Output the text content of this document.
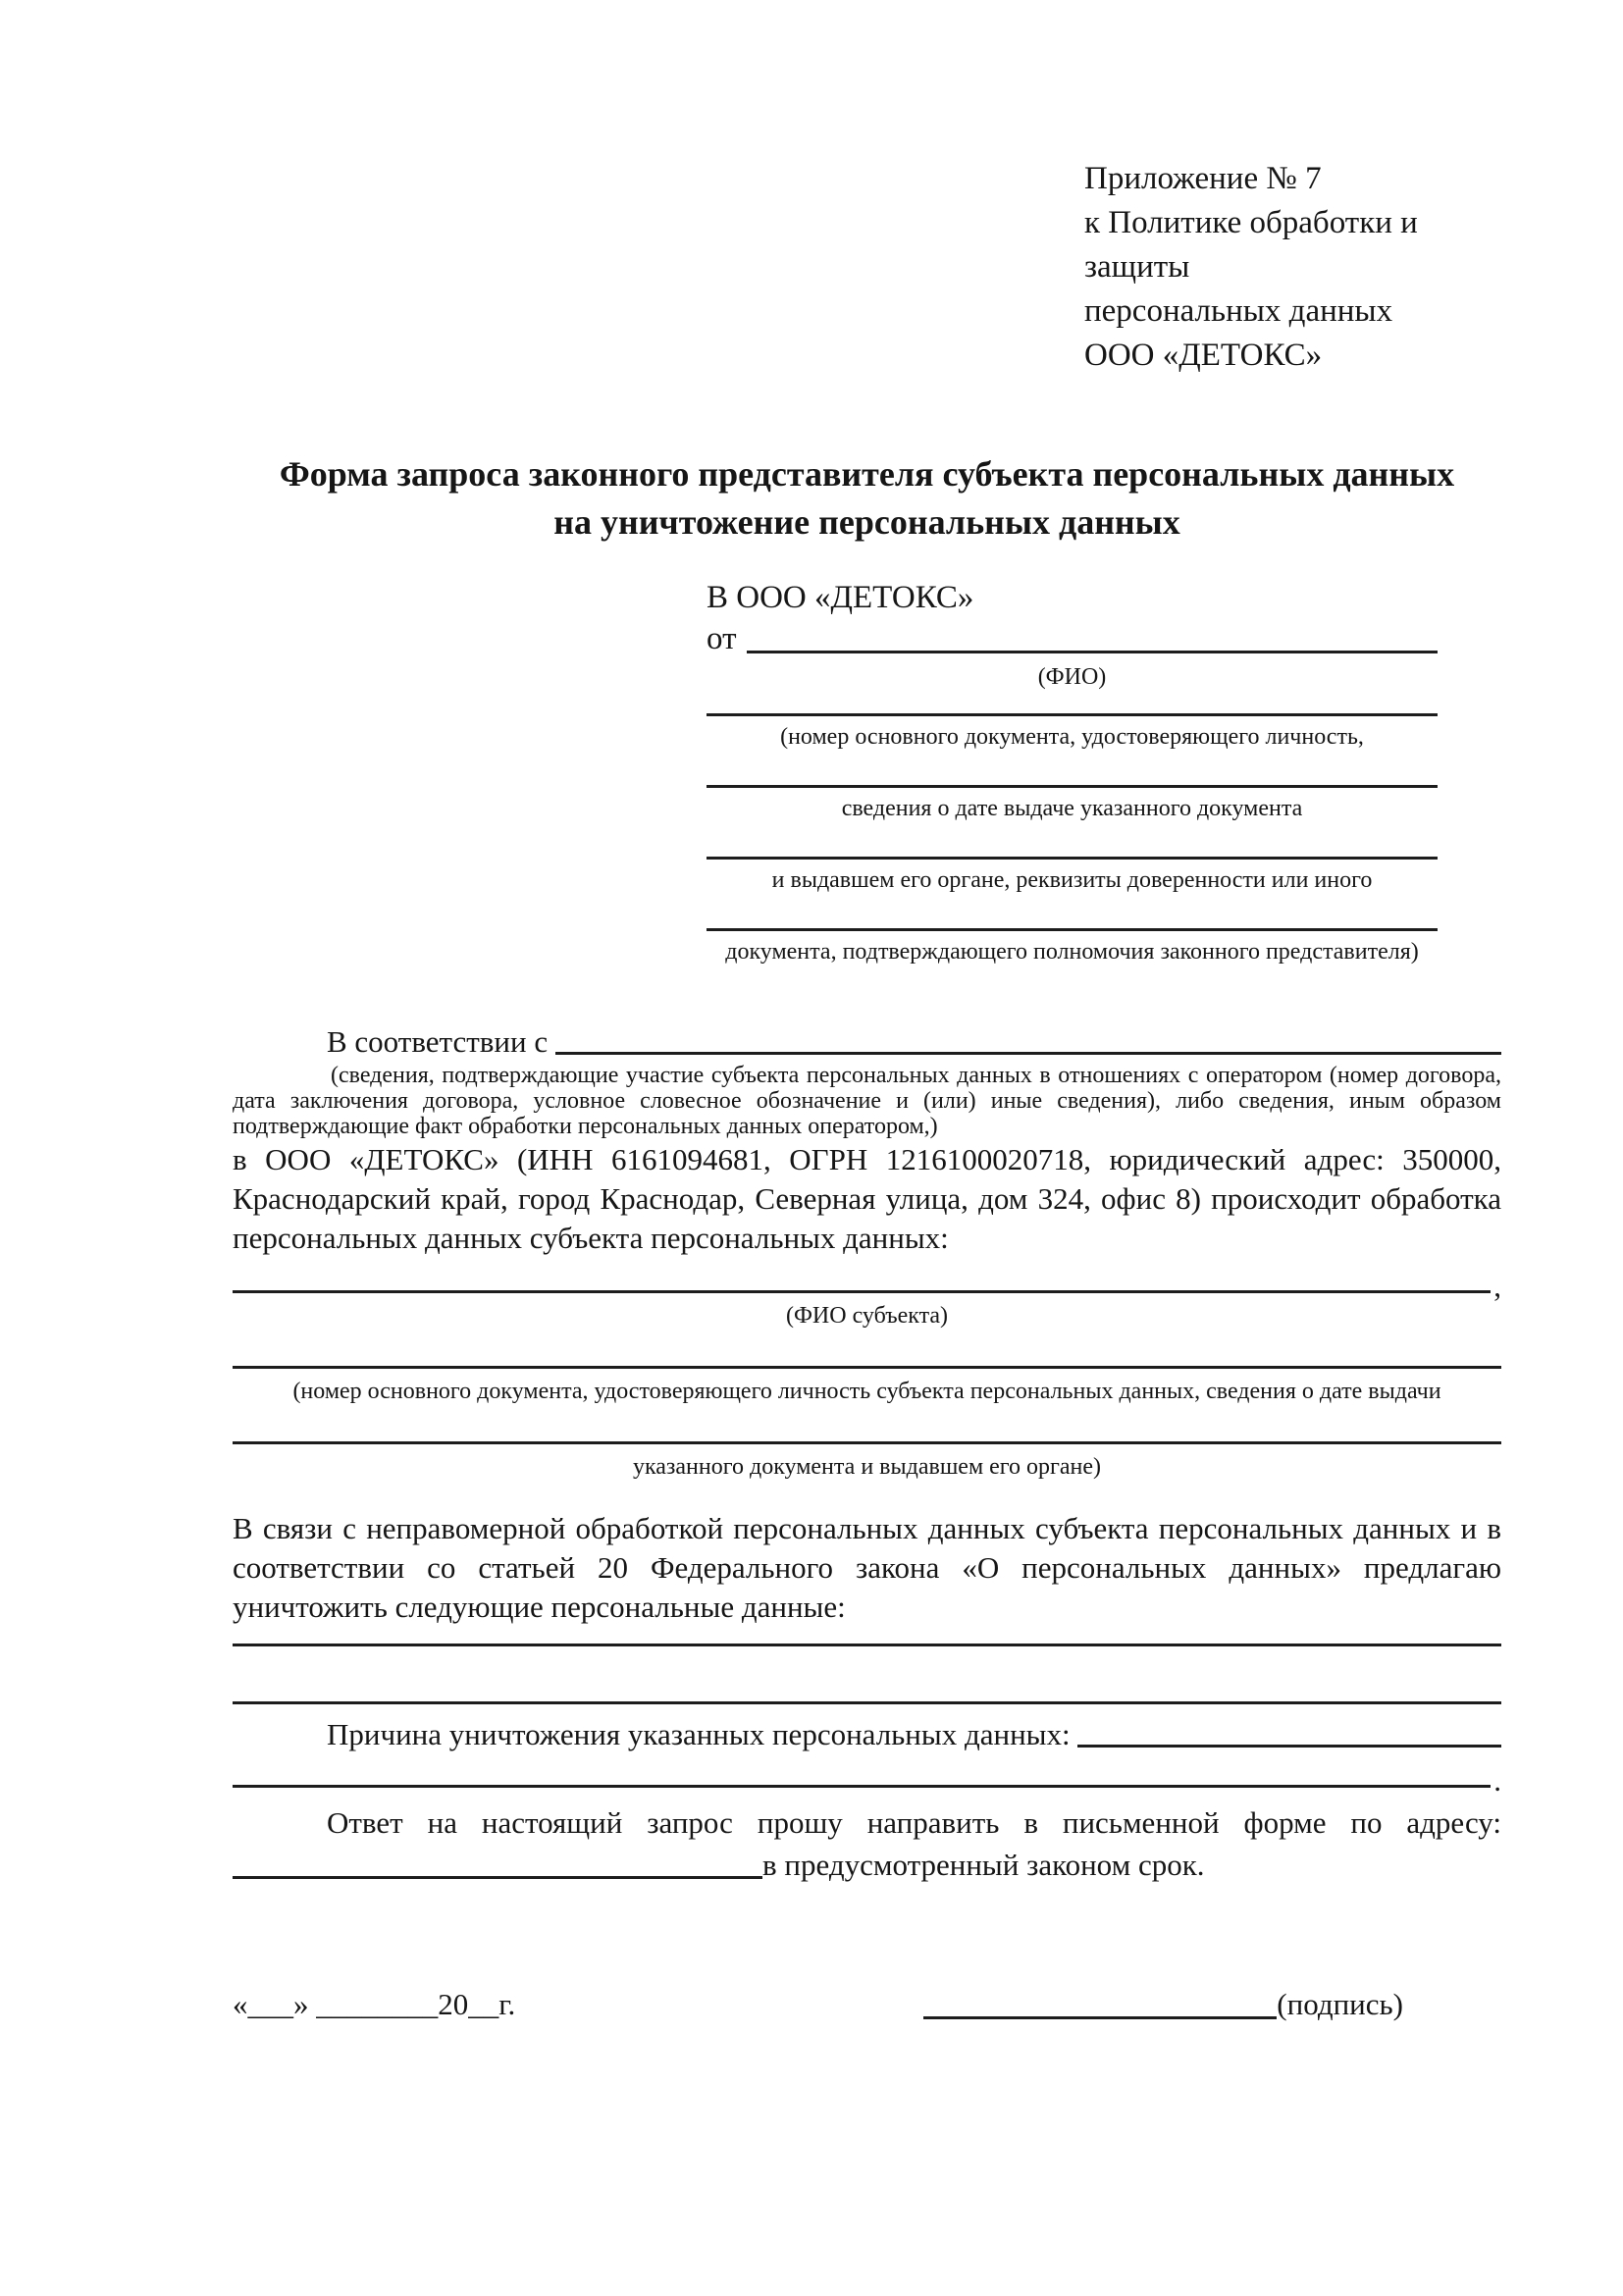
Приложение № 7
к Политике обработки и защиты
персональных данных
ООО «ДЕТОКС»
Форма запроса законного представителя субъекта персональных данных
на уничтожение персональных данных
В ООО «ДЕТОКС»
от
(ФИО)
(номер основного документа, удостоверяющего личность,
сведения о дате выдаче указанного документа
и выдавшем его органе, реквизиты доверенности или иного
документа, подтверждающего полномочия законного представителя)
В соответствии с

(сведения, подтверждающие участие субъекта персональных данных в отношениях с оператором (номер договора, дата заключения договора, условное словесное обозначение и (или) иные сведения), либо сведения, иным образом подтверждающие факт обработки персональных данных оператором,)

в ООО «ДЕТОКС» (ИНН 6161094681, ОГРН 1216100020718, юридический адрес: 350000, Краснодарский край, город Краснодар, Северная улица, дом 324, офис 8) происходит обработка персональных данных субъекта персональных данных:

,
(ФИО субъекта)
(номер основного документа, удостоверяющего личность субъекта персональных данных, сведения о дате выдачи
указанного документа и выдавшем его органе)

В связи с неправомерной обработкой персональных данных субъекта персональных данных и в соответствии со статьей 20 Федерального закона «О персональных данных» предлагаю уничтожить следующие персональные данные:

Причина уничтожения указанных персональных данных:
.

Ответ на настоящий запрос прошу направить в письменной форме по адресу:

в предусмотренный законом срок.
«___» ________20__г.	(подпись)
